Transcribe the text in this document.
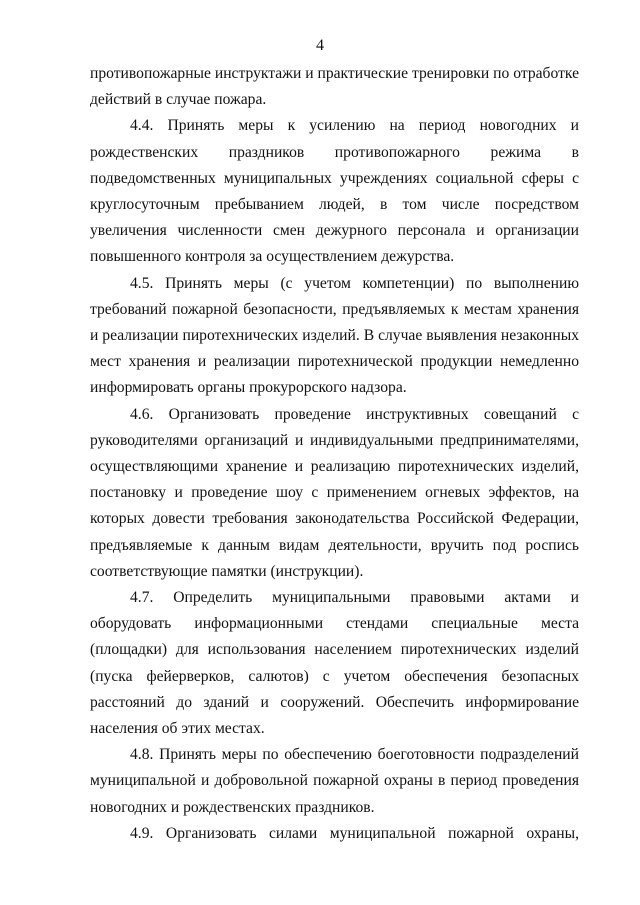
4

противопожарные инструктажи и практические тренировки по отработке действий в случае пожара.

4.4. Принять меры к усилению на период новогодних и рождественских праздников противопожарного режима в подведомственных муниципальных учреждениях социальной сферы с круглосуточным пребыванием людей, в том числе посредством увеличения численности смен дежурного персонала и организации повышенного контроля за осуществлением дежурства.

4.5. Принять меры (с учетом компетенции) по выполнению требований пожарной безопасности, предъявляемых к местам хранения и реализации пиротехнических изделий. В случае выявления незаконных мест хранения и реализации пиротехнической продукции немедленно информировать органы прокурорского надзора.

4.6. Организовать проведение инструктивных совещаний с руководителями организаций и индивидуальными предпринимателями, осуществляющими хранение и реализацию пиротехнических изделий, постановку и проведение шоу с применением огневых эффектов, на которых довести требования законодательства Российской Федерации, предъявляемые к данным видам деятельности, вручить под роспись соответствующие памятки (инструкции).

4.7. Определить муниципальными правовыми актами и оборудовать информационными стендами специальные места (площадки) для использования населением пиротехнических изделий (пуска фейерверков, салютов) с учетом обеспечения безопасных расстояний до зданий и сооружений. Обеспечить информирование населения об этих местах.

4.8. Принять меры по обеспечению боеготовности подразделений муниципальной и добровольной пожарной охраны в период проведения новогодних и рождественских праздников.

4.9. Организовать силами муниципальной пожарной охраны,
